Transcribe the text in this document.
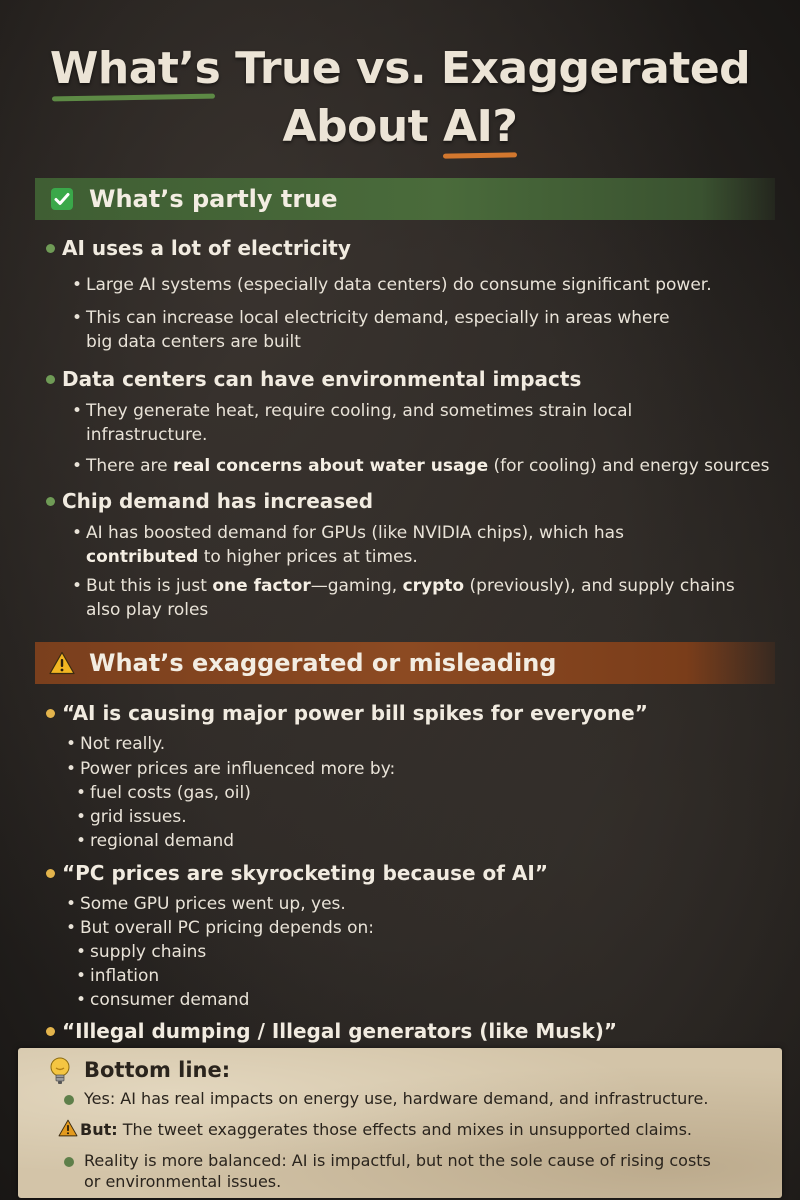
What’s True vs. Exaggerated
About AI?
What’s partly true
AI uses a lot of electricity
• Large AI systems (especially data centers) do consume significant power.
• This can increase local electricity demand, especially in areas where
big data centers are built
Data centers can have environmental impacts
• They generate heat, require cooling, and sometimes strain local
infrastructure.
• There are real concerns about water usage (for cooling) and energy sources
Chip demand has increased
• AI has boosted demand for GPUs (like NVIDIA chips), which has
contributed to higher prices at times.
• But this is just one factor—gaming, crypto (previously), and supply chains
also play roles
What’s exaggerated or misleading
“AI is causing major power bill spikes for everyone”
• Not really.
• Power prices are influenced more by:
• fuel costs (gas, oil)
• grid issues.
• regional demand
“PC prices are skyrocketing because of AI”
• Some GPU prices went up, yes.
• But overall PC pricing depends on:
• supply chains
• inflation
• consumer demand
“Illegal dumping / Illegal generators (like Musk)”
Bottom line:
Yes: AI has real impacts on energy use, hardware demand, and infrastructure.
But: The tweet exaggerates those effects and mixes in unsupported claims.
Reality is more balanced: AI is impactful, but not the sole cause of rising costs
or environmental issues.
